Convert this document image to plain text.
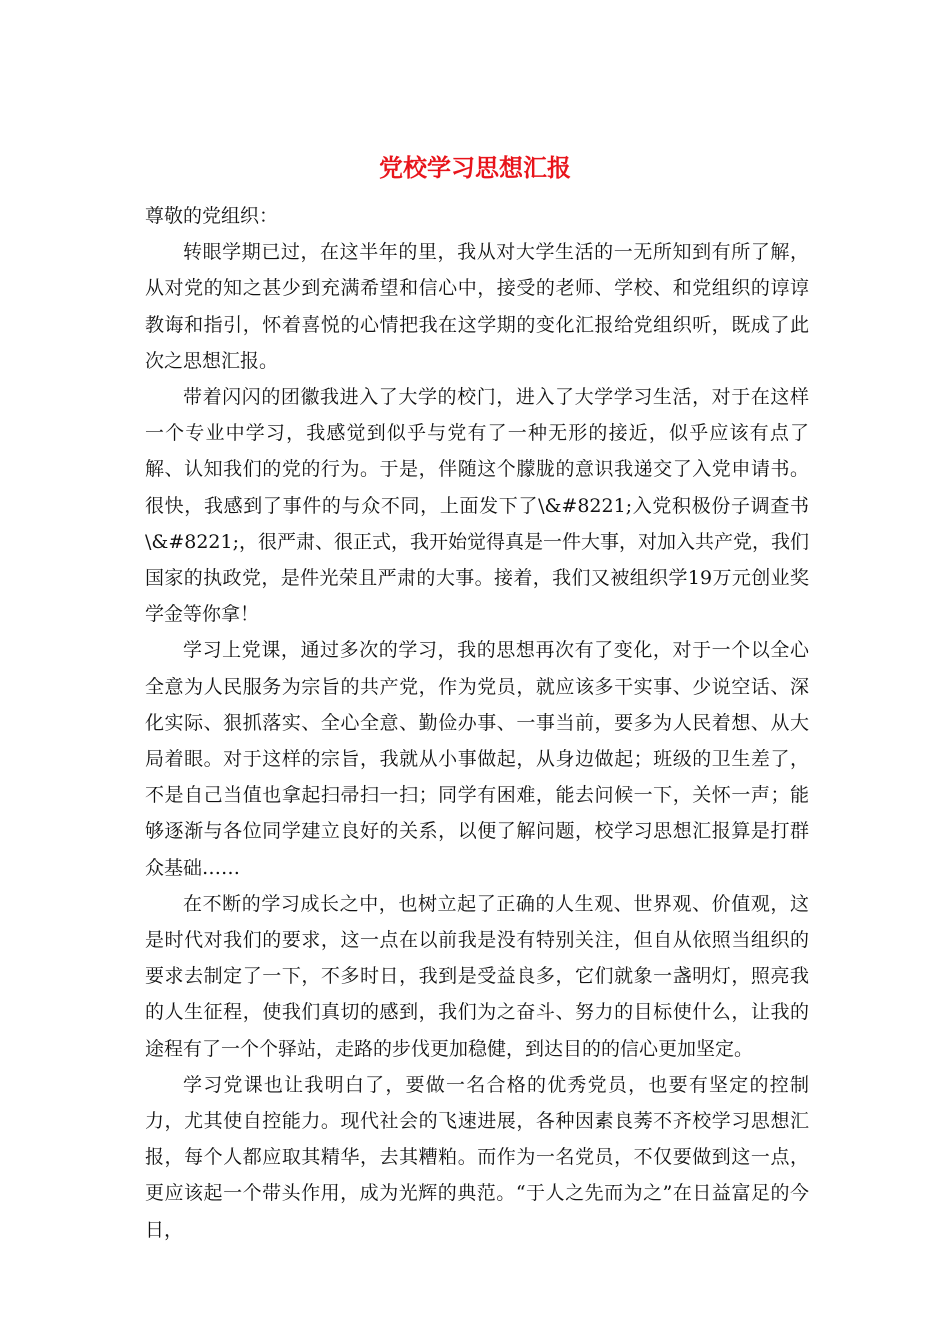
党校学习思想汇报

尊敬的党组织：

转眼学期已过，在这半年的里，我从对大学生活的一无所知到有所了解，从对党的知之甚少到充满希望和信心中，接受的老师、学校、和党组织的谆谆教诲和指引，怀着喜悦的心情把我在这学期的变化汇报给党组织听，既成了此次之思想汇报。

带着闪闪的团徽我进入了大学的校门，进入了大学学习生活，对于在这样一个专业中学习，我感觉到似乎与党有了一种无形的接近，似乎应该有点了解、认知我们的党的行为。于是，伴随这个朦胧的意识我递交了入党申请书。很快，我感到了事件的与众不同，上面发下了\&#8221;入党积极份子调查书\&#8221;，很严肃、很正式，我开始觉得真是一件大事，对加入共产党，我们国家的执政党，是件光荣且严肃的大事。接着，我们又被组织学19万元创业奖学金等你拿！

学习上党课，通过多次的学习，我的思想再次有了变化，对于一个以全心全意为人民服务为宗旨的共产党，作为党员，就应该多干实事、少说空话、深化实际、狠抓落实、全心全意、勤俭办事、一事当前，要多为人民着想、从大局着眼。对于这样的宗旨，我就从小事做起，从身边做起；班级的卫生差了，不是自己当值也拿起扫帚扫一扫；同学有困难，能去问候一下，关怀一声；能够逐渐与各位同学建立良好的关系，以便了解问题，校学习思想汇报算是打群众基础……

在不断的学习成长之中，也树立起了正确的人生观、世界观、价值观，这是时代对我们的要求，这一点在以前我是没有特别关注，但自从依照当组织的要求去制定了一下，不多时日，我到是受益良多，它们就象一盏明灯，照亮我的人生征程，使我们真切的感到，我们为之奋斗、努力的目标使什么，让我的途程有了一个个驿站，走路的步伐更加稳健，到达目的的信心更加坚定。

学习党课也让我明白了，要做一名合格的优秀党员，也要有坚定的控制力，尤其使自控能力。现代社会的飞速进展，各种因素良莠不齐校学习思想汇报，每个人都应取其精华，去其糟粕。而作为一名党员，不仅要做到这一点，更应该起一个带头作用，成为光辉的典范。“于人之先而为之”在日益富足的今日，
